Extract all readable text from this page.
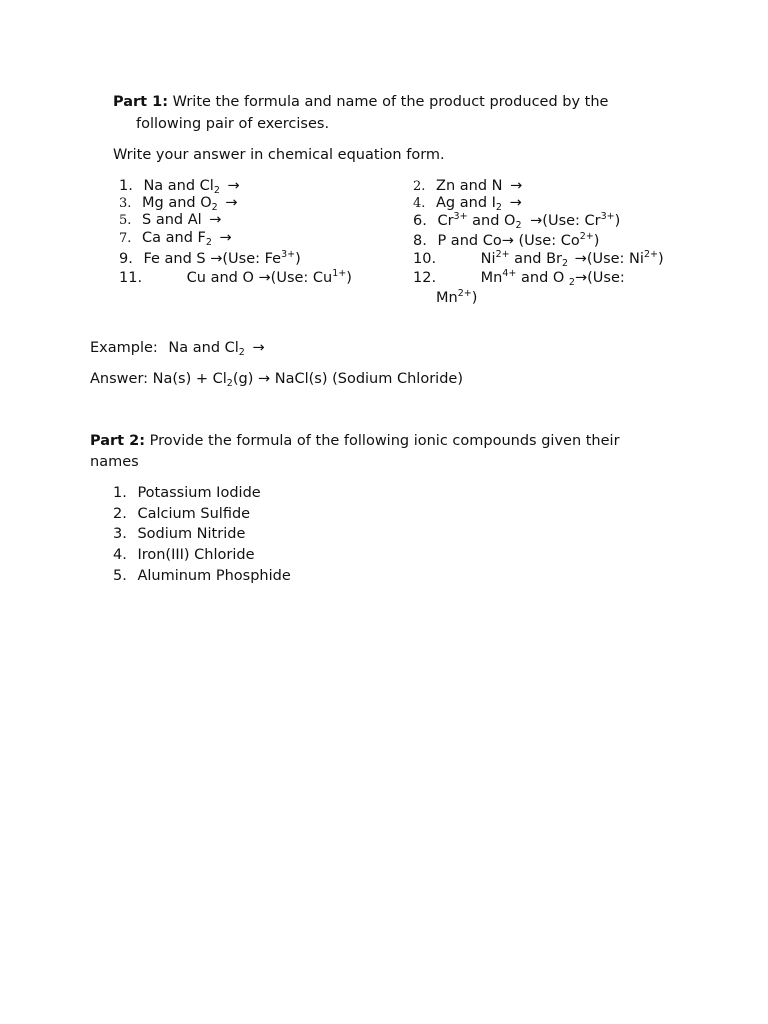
Part 1: Write the formula and name of the product produced by the
following pair of exercises.
Write your answer in chemical equation form.
1. Na and $Cl_2$ →
3. Mg and $O_2$ →
5. S and Al →
7. Ca and $F_2$ →
9. Fe and S →(Use: $Fe^{3+}$)
11.	Cu and O →(Use: $Cu^{1+}$)
2. Zn and N →
4. Ag and $I_2$ →
6. $Cr^{3+}$ and $O_2 \to(Use$: $Cr^{3+}$)
8. P and Co→ (Use: $Co^{2+}$)
10.	$Ni^{2+}$ and $Br_2 \to(Use$: $Ni^{2+}$)
12.	$Mn^{4+}$ and O $_2$→(Use:
$Mn^{2+}$)
Example: Na and $Cl_2$ →
Answer: $Na(s) + Cl_2(g)$ → NaCl(s) (Sodium Chloride)
Part 2: Provide the formula of the following ionic compounds given their
names
1. Potassium Iodide
2. Calcium Sulfide
3. Sodium Nitride
4. Iron(III) Chloride
5. Aluminum Phosphide
